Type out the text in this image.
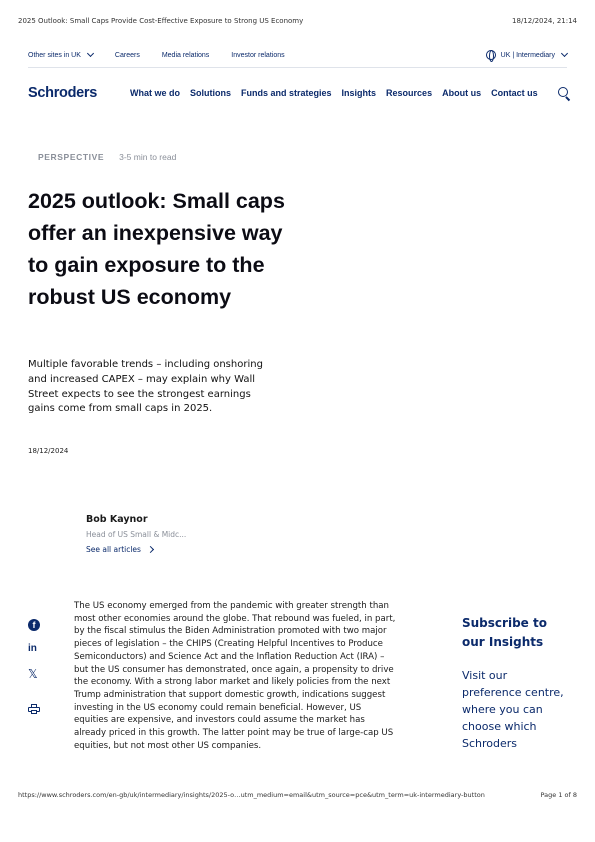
2025 Outlook: Small Caps Provide Cost-Effective Exposure to Strong US Economy	18/12/2024, 21:14
Other sites in UK	Careers	Media relations	Investor relations	UK | Intermediary
Schroders	What we do Solutions Funds and strategies Insights Resources About us Contact us
PERSPECTIVE 3-5 min to read
2025 outlook: Small caps offer an inexpensive way to gain exposure to the robust US economy

Multiple favorable trends – including onshoring and increased CAPEX – may explain why Wall Street expects to see the strongest earnings gains come from small caps in 2025.

18/12/2024
Bob Kaynor
Head of US Small & Midc...
See all articles
f
in
𝕏

The US economy emerged from the pandemic with greater strength than most other economies around the globe. That rebound was fueled, in part, by the fiscal stimulus the Biden Administration promoted with two major pieces of legislation – the CHIPS (Creating Helpful Incentives to Produce Semiconductors) and Science Act and the Inflation Reduction Act (IRA) – but the US consumer has demonstrated, once again, a propensity to drive the economy. With a strong labor market and likely policies from the next Trump administration that support domestic growth, indications suggest investing in the US economy could remain beneficial. However, US equities are expensive, and investors could assume the market has already priced in this growth. The latter point may be true of large-cap US equities, but not most other US companies.

Subscribe to our Insights
Visit our preference centre, where you can choose which Schroders
https://www.schroders.com/en-gb/uk/intermediary/insights/2025-o…utm_medium=email&utm_source=pce&utm_term=uk-intermediary-button	Page 1 of 8
